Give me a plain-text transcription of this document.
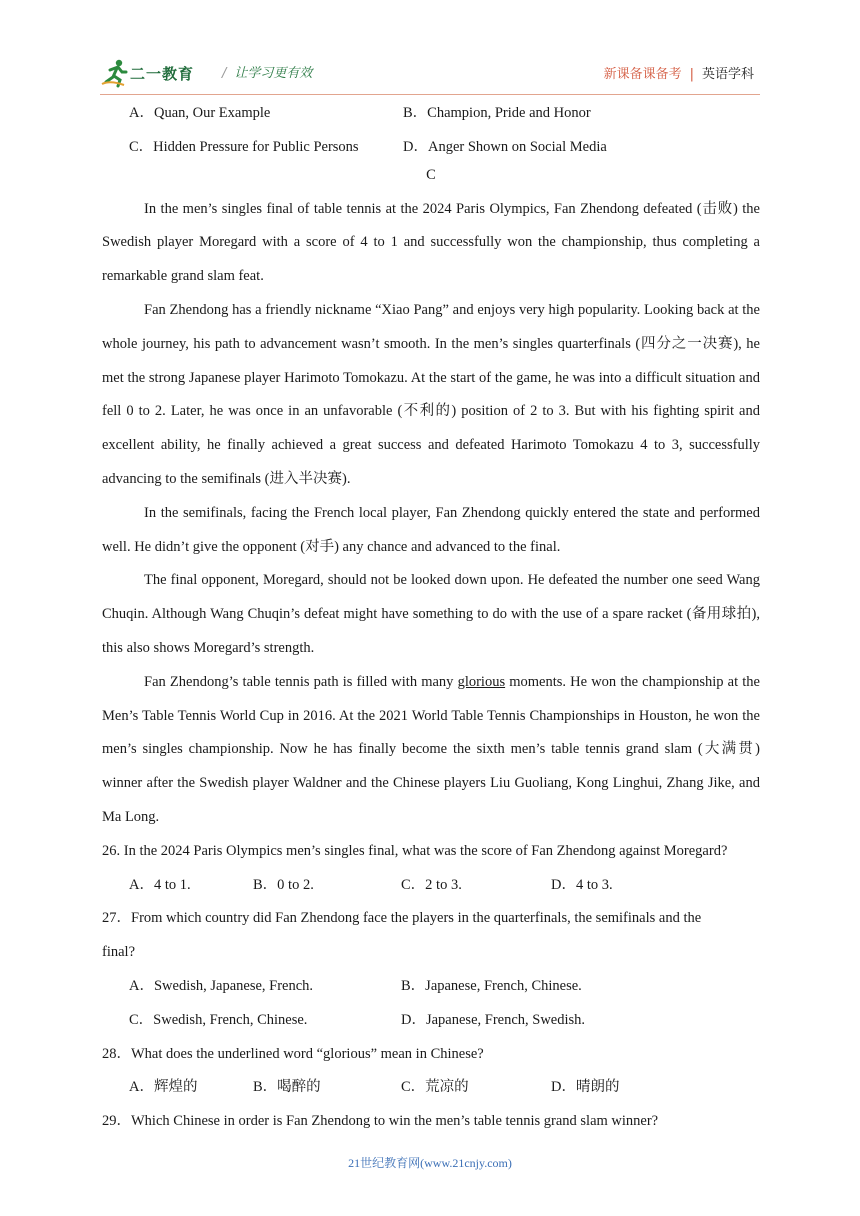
二一教育 / 让学习更有效	新课备课备考 | 英语学科
A．Quan, Our Example	B．Champion, Pride and Honor
C．Hidden Pressure for Public Persons	D．Anger Shown on Social Media
C

In the men’s singles final of table tennis at the 2024 Paris Olympics, Fan Zhendong defeated (击败) the Swedish player Moregard with a score of 4 to 1 and successfully won the championship, thus completing a remarkable grand slam feat.

Fan Zhendong has a friendly nickname “Xiao Pang” and enjoys very high popularity. Looking back at the whole journey, his path to advancement wasn’t smooth. In the men’s singles quarterfinals (四分之一决赛), he met the strong Japanese player Harimoto Tomokazu. At the start of the game, he was into a difficult situation and fell 0 to 2. Later, he was once in an unfavorable (不利的) position of 2 to 3. But with his fighting spirit and excellent ability, he finally achieved a great success and defeated Harimoto Tomokazu 4 to 3, successfully advancing to the semifinals (进入半决赛).

In the semifinals, facing the French local player, Fan Zhendong quickly entered the state and performed well. He didn’t give the opponent (对手) any chance and advanced to the final.

The final opponent, Moregard, should not be looked down upon. He defeated the number one seed Wang Chuqin. Although Wang Chuqin’s defeat might have something to do with the use of a spare racket (备用球拍), this also shows Moregard’s strength.

Fan Zhendong’s table tennis path is filled with many glorious moments. He won the championship at the Men’s Table Tennis World Cup in 2016. At the 2021 World Table Tennis Championships in Houston, he won the men’s singles championship. Now he has finally become the sixth men’s table tennis grand slam (大满贯) winner after the Swedish player Waldner and the Chinese players Liu Guoliang, Kong Linghui, Zhang Jike, and Ma Long.

26. In the 2024 Paris Olympics men’s singles final, what was the score of Fan Zhendong against Moregard?
A．4 to 1.	B．0 to 2.	C．2 to 3.	D．4 to 3.
27．From which country did Fan Zhendong face the players in the quarterfinals, the semifinals and the
final?
A．Swedish, Japanese, French.	B．Japanese, French, Chinese.
C．Swedish, French, Chinese.	D．Japanese, French, Swedish.
28．What does the underlined word “glorious” mean in Chinese?
A．辉煌的	B．喝醉的	C．荒凉的	D．晴朗的
29．Which Chinese in order is Fan Zhendong to win the men’s table tennis grand slam winner?
21世纪教育网(www.21cnjy.com)
